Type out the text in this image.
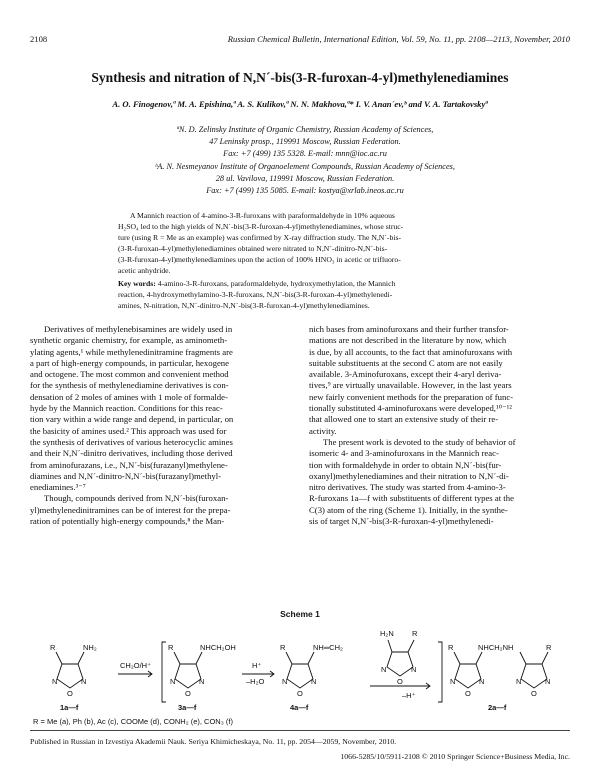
2108	Russian Chemical Bulletin, International Edition, Vol. 59, No. 11, pp. 2108—2113, November, 2010
Synthesis and nitration of N,N´-bis(3-R-furoxan-4-yl)methylenediamines
A. O. Finogenov,ª M. A. Epishina,ª A. S. Kulikov,ª N. N. Makhova,ª* I. V. Anan´ev,ᵇ and V. A. Tartakovskyª
ªN. D. Zelinsky Institute of Organic Chemistry, Russian Academy of Sciences,
47 Leninsky prosp., 119991 Moscow, Russian Federation.
Fax: +7 (499) 135 5328. E-mail: mnn@ioc.ac.ru
ᵇA. N. Nesmeyanov Institute of Organoelement Compounds, Russian Academy of Sciences,
28 ul. Vavilova, 119991 Moscow, Russian Federation.
Fax: +7 (499) 135 5085. E-mail: kostya@xrlab.ineos.ac.ru
A Mannich reaction of 4-amino-3-R-furoxans with paraformaldehyde in 10% aqueous
H₂SO₄ led to the high yields of N,N´-bis(3-R-furoxan-4-yl)methylenediamines, whose struc-
ture (using R = Me as an example) was confirmed by X-ray diffraction study. The N,N´-bis-
(3-R-furoxan-4-yl)methylenediamines obtained were nitrated to N,N´-dinitro-N,N´-bis-
(3-R-furoxan-4-yl)methylenediamines upon the action of 100% HNO₃ in acetic or trifluoro-
acetic anhydride.
Key words: 4-amino-3-R-furoxans, paraformaldehyde, hydroxymethylation, the Mannich
reaction, 4-hydroxymethylamino-3-R-furoxans, N,N´-bis(3-R-furoxan-4-yl)methylenedi-
amines, N-nitration, N,N´-dinitro-N,N´-bis(3-R-furoxan-4-yl)methylenediamines.
Derivatives of methylenebisamines are widely used in
synthetic organic chemistry, for example, as aminometh-
ylating agents,¹ while methylenedinitramine fragments are
a part of high-energy compounds, in particular, hexogene
and octogene. The most common and convenient method
for the synthesis of methylenediamine derivatives is con-
densation of 2 moles of amines with 1 mole of formalde-
hyde by the Mannich reaction. Conditions for this reac-
tion vary within a wide range and depend, in particular, on
the basicity of amines used.² This approach was used for
the synthesis of derivatives of various heterocyclic amines
and their N,N´-dinitro derivatives, including those derived
from aminofurazans, i.e., N,N´-bis(furazanyl)methylene-
diamines and N,N´-dinitro-N,N´-bis(furazanyl)methyl-
enediamines.³⁻⁷
Though, compounds derived from N,N´-bis(furoxan-
yl)methylenedinitramines can be of interest for the prepa-
ration of potentially high-energy compounds,⁸ the Man-
nich bases from aminofuroxans and their further transfor-
mations are not described in the literature by now, which
is due, by all accounts, to the fact that aminofuroxans with
suitable substituents at the second C atom are not easily
available. 3-Aminofuroxans, except their 4-aryl deriva-
tives,⁹ are virtually unavailable. However, in the last years
new fairly convenient methods for the preparation of func-
tionally substituted 4-aminofuroxans were developed,¹⁰⁻¹²
that allowed one to start an extensive study of their re-
activity.
The present work is devoted to the study of behavior of
isomeric 4- and 3-aminofuroxans in the Mannich reac-
tion with formaldehyde in order to obtain N,N´-bis(fur-
oxanyl)methylenediamines and their nitration to N,N´-di-
nitro derivatives. The study was started from 4-amino-3-
R-furoxans 1a—f with substituents of different types at the
C(3) atom of the ring (Scheme 1). Initially, in the synthe-
sis of target N,N´-bis(3-R-furoxan-4-yl)methylenedi-
Scheme 1
R	NH₂
N	N
O
1a—f
CH₂O/H⁺
R	NHCH₂OH
N	N
O
3a—f
H⁺
–H₂O
R	NH═CH₂
N	N
O
4a—f
H₂N R
N	N
O
–H⁺
R	NHCH₂NH	R
N	N
O
N	N
O
2a—f
R = Me (a), Ph (b), Ac (c), COOMe (d), CONH₂ (e), CON₃ (f)
Published in Russian in Izvestiya Akademii Nauk. Seriya Khimicheskaya, No. 11, pp. 2054—2059, November, 2010.
1066-5285/10/5911-2108 © 2010 Springer Science+Business Media, Inc.
